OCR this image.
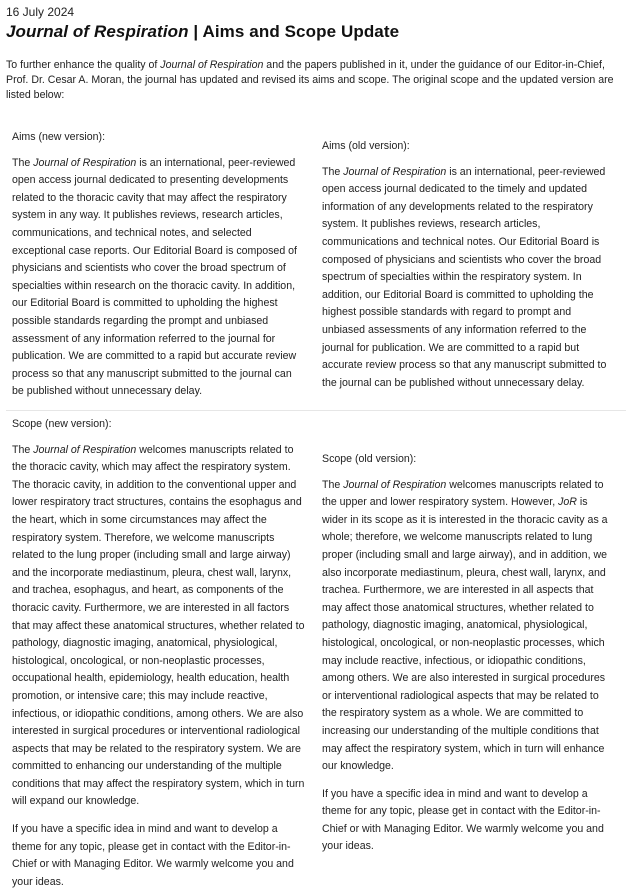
16 July 2024
Journal of Respiration | Aims and Scope Update

To further enhance the quality of Journal of Respiration and the papers published in it, under the guidance of our Editor-in-Chief, Prof. Dr. Cesar A. Moran, the journal has updated and revised its aims and scope. The original scope and the updated version are listed below:

Aims (new version):

The Journal of Respiration is an international, peer-reviewed open access journal dedicated to presenting developments related to the thoracic cavity that may affect the respiratory system in any way. It publishes reviews, research articles, communications, and technical notes, and selected exceptional case reports. Our Editorial Board is composed of physicians and scientists who cover the broad spectrum of specialties within research on the thoracic cavity. In addition, our Editorial Board is committed to upholding the highest possible standards regarding the prompt and unbiased assessment of any information referred to the journal for publication. We are committed to a rapid but accurate review process so that any manuscript submitted to the journal can be published without unnecessary delay.

Aims (old version):

The Journal of Respiration is an international, peer-reviewed open access journal dedicated to the timely and updated information of any developments related to the respiratory system. It publishes reviews, research articles, communications and technical notes. Our Editorial Board is composed of physicians and scientists who cover the broad spectrum of specialties within the respiratory system. In addition, our Editorial Board is committed to upholding the highest possible standards with regard to prompt and unbiased assessments of any information referred to the journal for publication. We are committed to a rapid but accurate review process so that any manuscript submitted to the journal can be published without unnecessary delay.

Scope (new version):

The Journal of Respiration welcomes manuscripts related to the thoracic cavity, which may affect the respiratory system. The thoracic cavity, in addition to the conventional upper and lower respiratory tract structures, contains the esophagus and the heart, which in some circumstances may affect the respiratory system. Therefore, we welcome manuscripts related to the lung proper (including small and large airway) and the incorporate mediastinum, pleura, chest wall, larynx, and trachea, esophagus, and heart, as components of the thoracic cavity. Furthermore, we are interested in all factors that may affect these anatomical structures, whether related to pathology, diagnostic imaging, anatomical, physiological, histological, oncological, or non-neoplastic processes, occupational health, epidemiology, health education, health promotion, or intensive care; this may include reactive, infectious, or idiopathic conditions, among others. We are also interested in surgical procedures or interventional radiological aspects that may be related to the respiratory system. We are committed to enhancing our understanding of the multiple conditions that may affect the respiratory system, which in turn will expand our knowledge.

If you have a specific idea in mind and want to develop a theme for any topic, please get in contact with the Editor-in-Chief or with Managing Editor. We warmly welcome you and your ideas.

Scope (old version):

The Journal of Respiration welcomes manuscripts related to the upper and lower respiratory system. However, JoR is wider in its scope as it is interested in the thoracic cavity as a whole; therefore, we welcome manuscripts related to lung proper (including small and large airway), and in addition, we also incorporate mediastinum, pleura, chest wall, larynx, and trachea. Furthermore, we are interested in all aspects that may affect those anatomical structures, whether related to pathology, diagnostic imaging, anatomical, physiological, histological, oncological, or non-neoplastic processes, which may include reactive, infectious, or idiopathic conditions, among others. We are also interested in surgical procedures or interventional radiological aspects that may be related to the respiratory system as a whole. We are committed to increasing our understanding of the multiple conditions that may affect the respiratory system, which in turn will enhance our knowledge.

If you have a specific idea in mind and want to develop a theme for any topic, please get in contact with the Editor-in-Chief or with Managing Editor. We warmly welcome you and your ideas.
